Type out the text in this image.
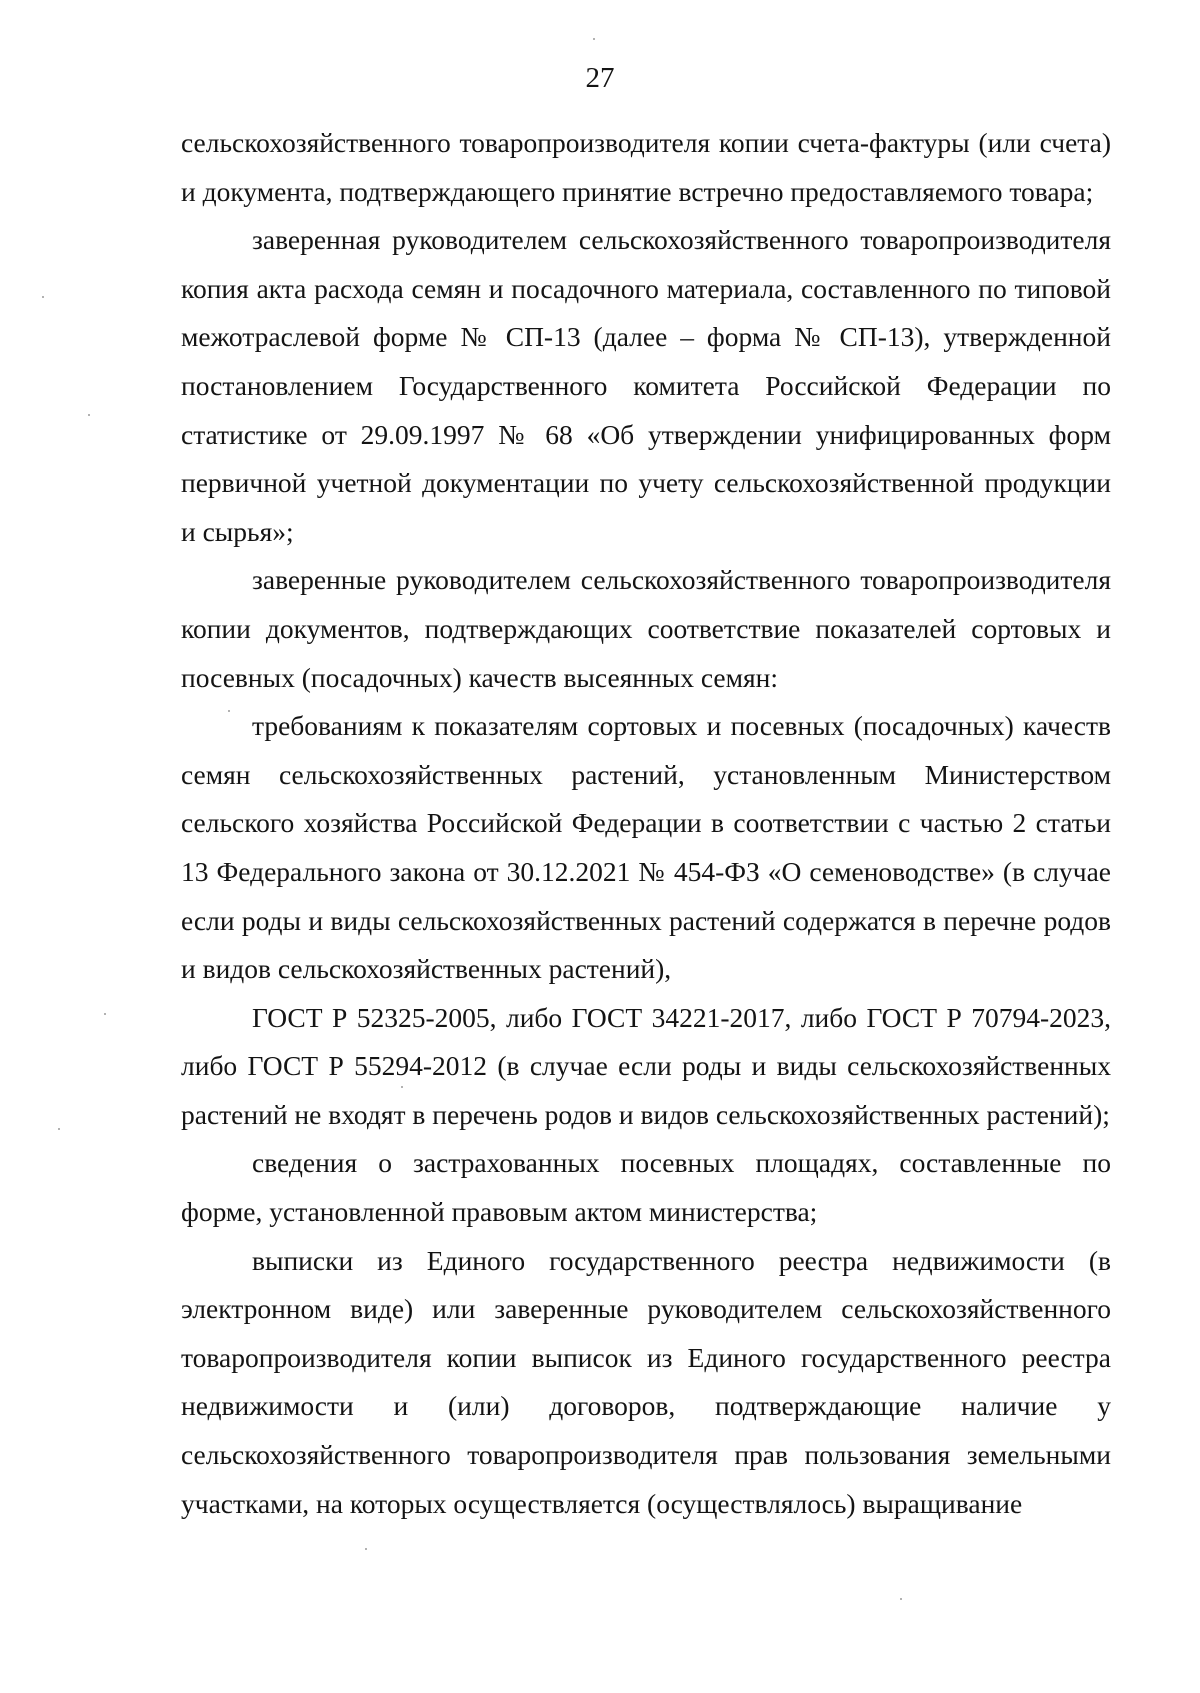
27

сельскохозяйственного товаропроизводителя копии счета-фактуры (или счета) и документа, подтверждающего принятие встречно предоставляемого товара;

заверенная руководителем сельскохозяйственного товаропроизводителя копия акта расхода семян и посадочного материала, составленного по типовой межотраслевой форме № СП-13 (далее – форма № СП-13), утвержденной постановлением Государственного комитета Российской Федерации по статистике от 29.09.1997 № 68 «Об утверждении унифицированных форм первичной учетной документации по учету сельскохозяйственной продукции и сырья»;

заверенные руководителем сельскохозяйственного товаропроизводителя копии документов, подтверждающих соответствие показателей сортовых и посевных (посадочных) качеств высеянных семян:

требованиям к показателям сортовых и посевных (посадочных) качеств семян сельскохозяйственных растений, установленным Министерством сельского хозяйства Российской Федерации в соответствии с частью 2 статьи 13 Федерального закона от 30.12.2021 № 454-ФЗ «О семеноводстве» (в случае если роды и виды сельскохозяйственных растений содержатся в перечне родов и видов сельскохозяйственных растений),

ГОСТ Р 52325-2005, либо ГОСТ 34221-2017, либо ГОСТ Р 70794-2023, либо ГОСТ Р 55294-2012 (в случае если роды и виды сельскохозяйственных растений не входят в перечень родов и видов сельскохозяйственных растений);

сведения о застрахованных посевных площадях, составленные по форме, установленной правовым актом министерства;

выписки из Единого государственного реестра недвижимости (в электронном виде) или заверенные руководителем сельскохозяйственного товаропроизводителя копии выписок из Единого государственного реестра недвижимости и (или) договоров, подтверждающие наличие у сельскохозяйственного товаропроизводителя прав пользования земельными участками, на которых осуществляется (осуществлялось) выращивание
